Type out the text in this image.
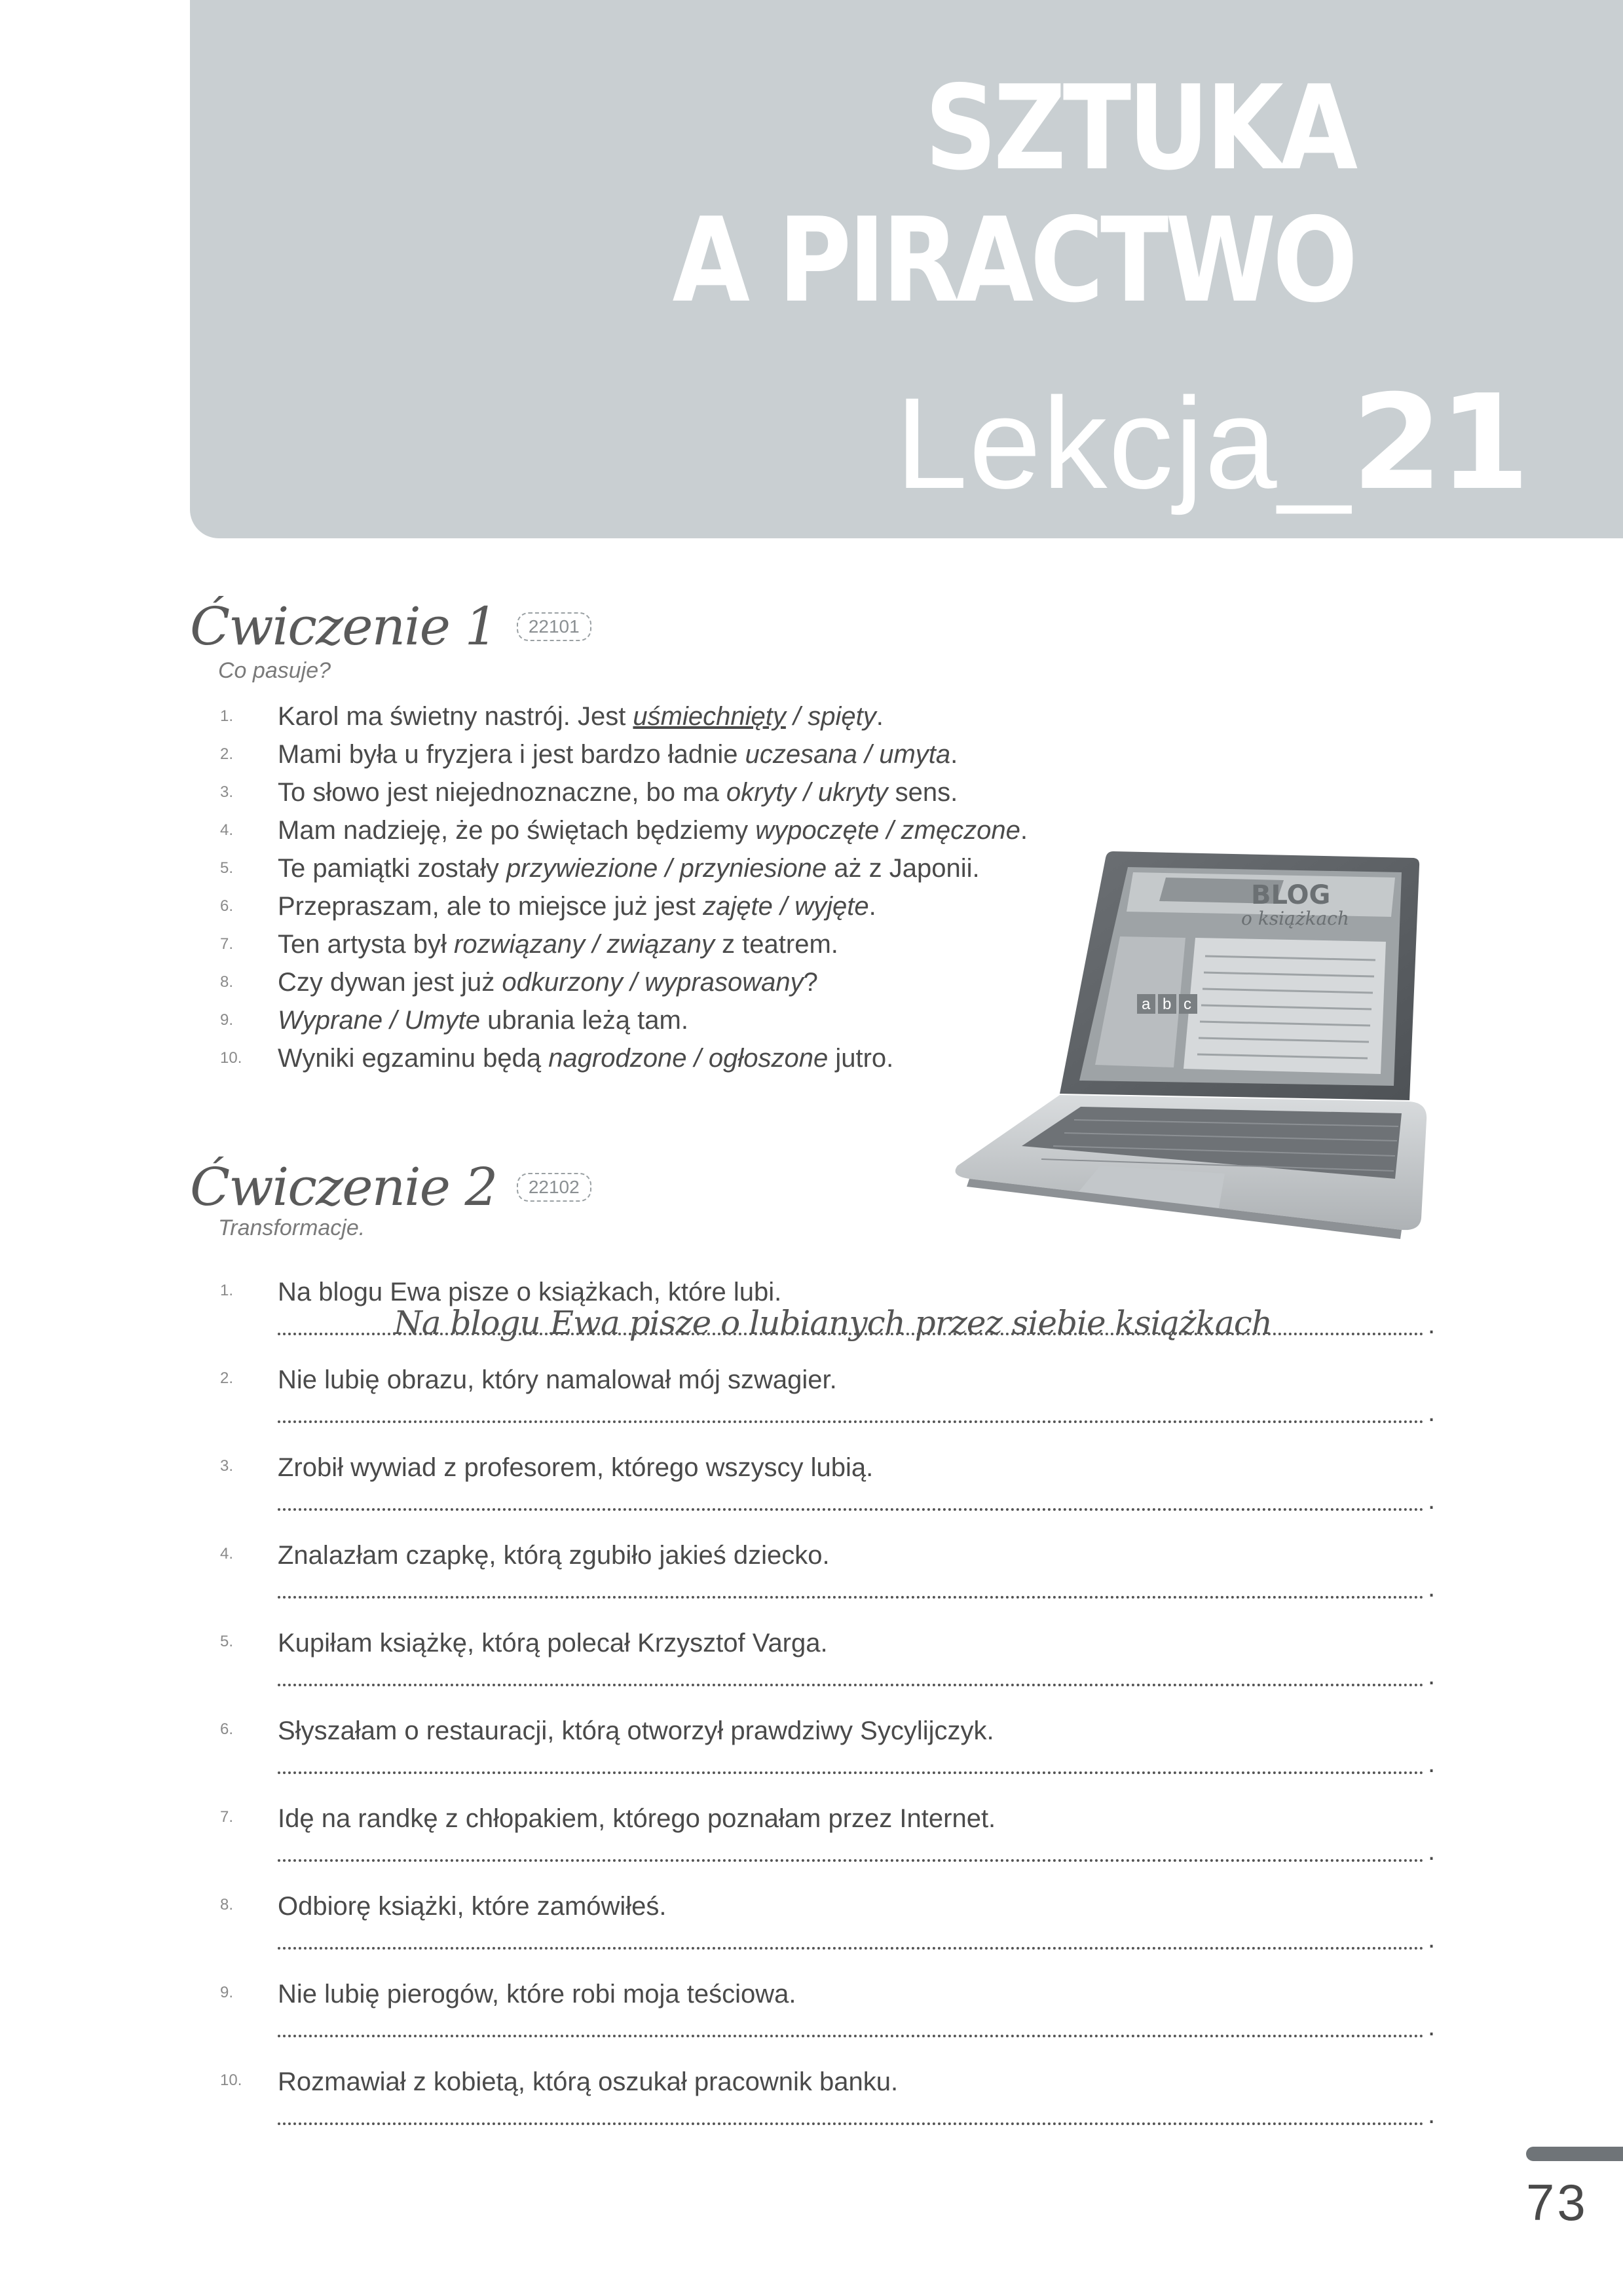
SZTUKA
A PIRACTWO
Lekcja_21
Ćwiczenie 1 22101
Co pasuje?
1.	Karol ma świetny nastrój. Jest uśmiechnięty / spięty.
2.	Mami była u fryzjera i jest bardzo ładnie uczesana / umyta.
3.	To słowo jest niejednoznaczne, bo ma okryty / ukryty sens.
4.	Mam nadzieję, że po świętach będziemy wypoczęte / zmęczone.
5.	Te pamiątki zostały przywiezione / przyniesione aż z Japonii.
6.	Przepraszam, ale to miejsce już jest zajęte / wyjęte.
7.	Ten artysta był rozwiązany / związany z teatrem.
8.	Czy dywan jest już odkurzony / wyprasowany?
9.	Wyprane / Umyte ubrania leżą tam.
10.	Wyniki egzaminu będą nagrodzone / ogłoszone jutro.
BLOG
o książkach
a b c
Ćwiczenie 2 22102
Transformacje.
1. Na blogu Ewa pisze o książkach, które lubi.
.
Na blogu Ewa pisze o lubianych przez siebie książkach
2. Nie lubię obrazu, który namalował mój szwagier.
.
3. Zrobił wywiad z profesorem, którego wszyscy lubią.
.
4. Znalazłam czapkę, którą zgubiło jakieś dziecko.
.
5. Kupiłam książkę, którą polecał Krzysztof Varga.
.
6. Słyszałam o restauracji, którą otworzył prawdziwy Sycylijczyk.
.
7. Idę na randkę z chłopakiem, którego poznałam przez Internet.
.
8. Odbiorę książki, które zamówiłeś.
.
9. Nie lubię pierogów, które robi moja teściowa.
.
10. Rozmawiał z kobietą, którą oszukał pracownik banku.
.
73
